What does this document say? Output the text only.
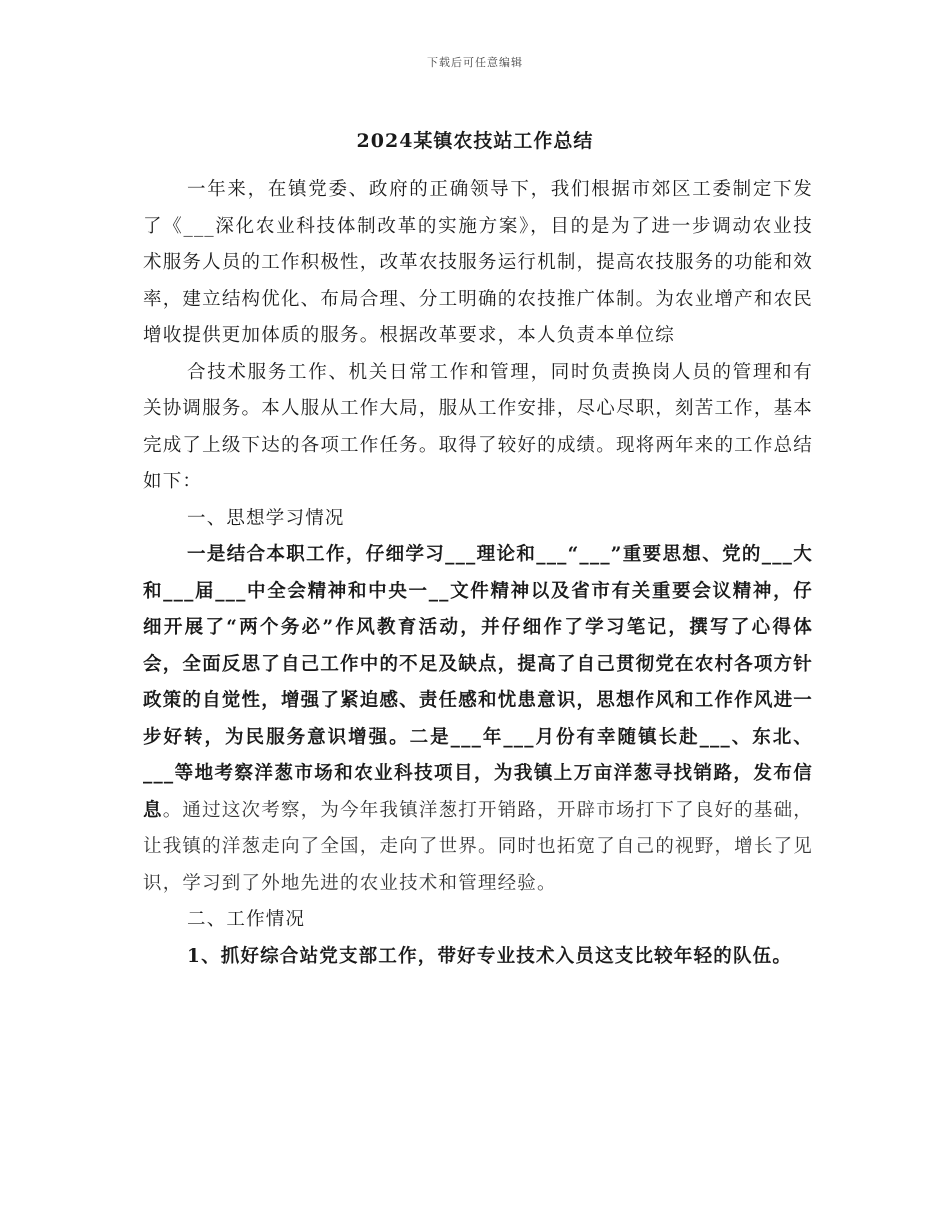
下载后可任意编辑
2024某镇农技站工作总结

一年来，在镇党委、政府的正确领导下，我们根据市郊区工委制定下发了《___深化农业科技体制改革的实施方案》，目的是为了进一步调动农业技术服务人员的工作积极性，改革农技服务运行机制，提高农技服务的功能和效率，建立结构优化、布局合理、分工明确的农技推广体制。为农业增产和农民增收提供更加体质的服务。根据改革要求，本人负责本单位综

合技术服务工作、机关日常工作和管理，同时负责换岗人员的管理和有关协调服务。本人服从工作大局，服从工作安排，尽心尽职，刻苦工作，基本完成了上级下达的各项工作任务。取得了较好的成绩。现将两年来的工作总结如下：

一、思想学习情况

一是结合本职工作，仔细学习___理论和___“___”重要思想、党的___大和___届___中全会精神和中央一__文件精神以及省市有关重要会议精神，仔细开展了“两个务必”作风教育活动，并仔细作了学习笔记，撰写了心得体会，全面反思了自己工作中的不足及缺点，提高了自己贯彻党在农村各项方针政策的自觉性，增强了紧迫感、责任感和忧患意识，思想作风和工作作风进一步好转，为民服务意识增强。二是___年___月份有幸随镇长赴___、东北、___等地考察洋葱市场和农业科技项目，为我镇上万亩洋葱寻找销路，发布信息。通过这次考察，为今年我镇洋葱打开销路，开辟市场打下了良好的基础，让我镇的洋葱走向了全国，走向了世界。同时也拓宽了自己的视野，增长了见识，学习到了外地先进的农业技术和管理经验。

二、工作情况

1、抓好综合站党支部工作，带好专业技术入员这支比较年轻的队伍。
